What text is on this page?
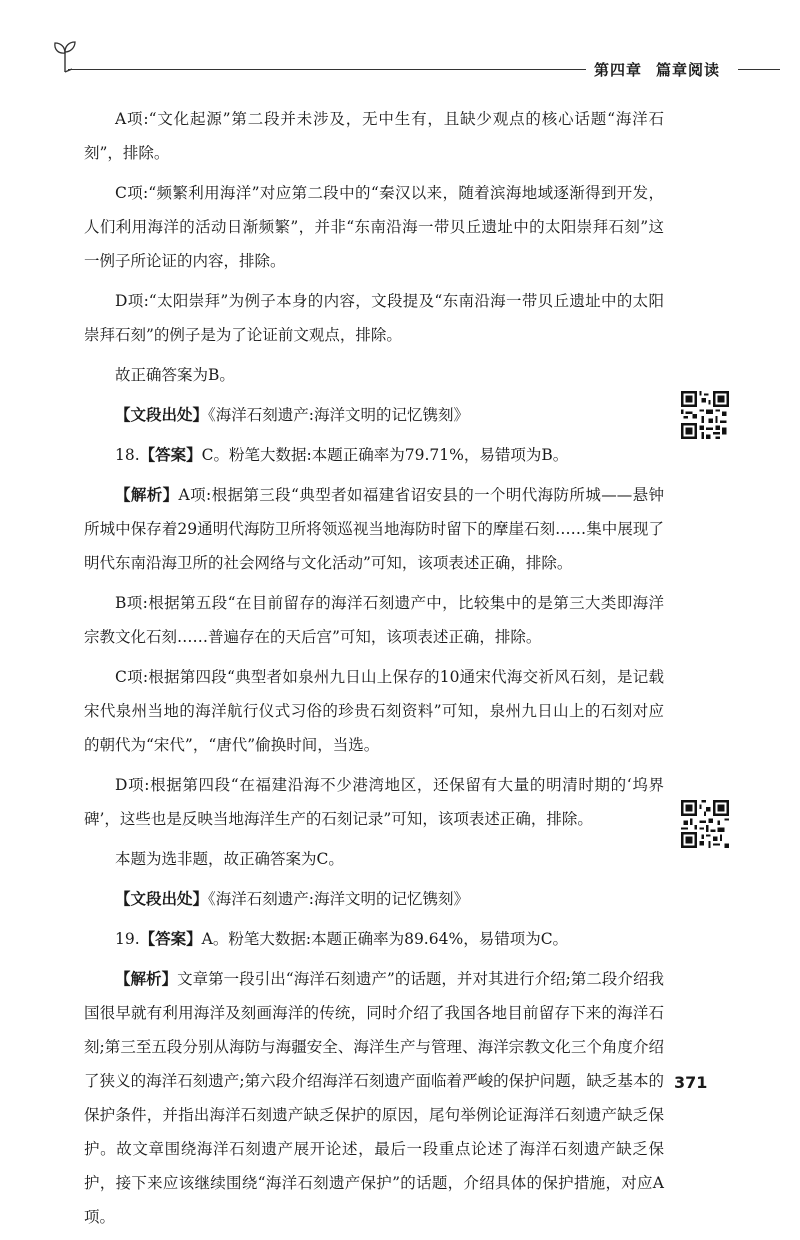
第四章 篇章阅读

A项:“文化起源”第二段并未涉及，无中生有，且缺少观点的核心话题“海洋石刻”，排除。

C项:“频繁利用海洋”对应第二段中的“秦汉以来，随着滨海地域逐渐得到开发，人们利用海洋的活动日渐频繁”，并非“东南沿海一带贝丘遗址中的太阳崇拜石刻”这一例子所论证的内容，排除。

D项:“太阳崇拜”为例子本身的内容，文段提及“东南沿海一带贝丘遗址中的太阳崇拜石刻”的例子是为了论证前文观点，排除。

故正确答案为B。

【文段出处】《海洋石刻遗产:海洋文明的记忆镌刻》

18.【答案】C。粉笔大数据:本题正确率为79.71%，易错项为B。

【解析】A项:根据第三段“典型者如福建省诏安县的一个明代海防所城——悬钟所城中保存着29通明代海防卫所将领巡视当地海防时留下的摩崖石刻……集中展现了明代东南沿海卫所的社会网络与文化活动”可知，该项表述正确，排除。

B项:根据第五段“在目前留存的海洋石刻遗产中，比较集中的是第三大类即海洋宗教文化石刻……普遍存在的天后宫”可知，该项表述正确，排除。

C项:根据第四段“典型者如泉州九日山上保存的10通宋代海交祈风石刻，是记载宋代泉州当地的海洋航行仪式习俗的珍贵石刻资料”可知，泉州九日山上的石刻对应的朝代为“宋代”，“唐代”偷换时间，当选。

D项:根据第四段“在福建沿海不少港湾地区，还保留有大量的明清时期的‘坞界碑’，这些也是反映当地海洋生产的石刻记录”可知，该项表述正确，排除。

本题为选非题，故正确答案为C。

【文段出处】《海洋石刻遗产:海洋文明的记忆镌刻》

19.【答案】A。粉笔大数据:本题正确率为89.64%，易错项为C。

【解析】文章第一段引出“海洋石刻遗产”的话题，并对其进行介绍;第二段介绍我国很早就有利用海洋及刻画海洋的传统，同时介绍了我国各地目前留存下来的海洋石刻;第三至五段分别从海防与海疆安全、海洋生产与管理、海洋宗教文化三个角度介绍了狭义的海洋石刻遗产;第六段介绍海洋石刻遗产面临着严峻的保护问题，缺乏基本的保护条件，并指出海洋石刻遗产缺乏保护的原因，尾句举例论证海洋石刻遗产缺乏保护。故文章围绕海洋石刻遗产展开论述，最后一段重点论述了海洋石刻遗产缺乏保护，接下来应该继续围绕“海洋石刻遗产保护”的话题，介绍具体的保护措施，对应A项。

371
